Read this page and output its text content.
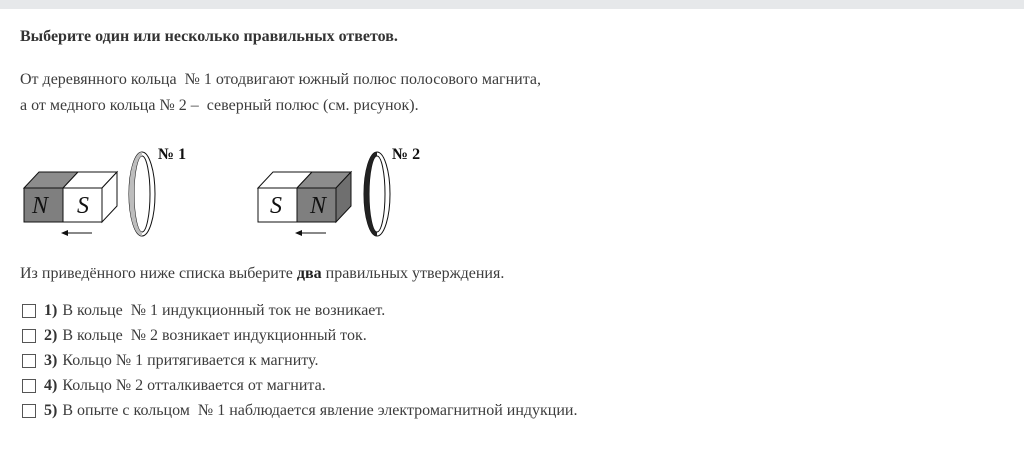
Выберите один или несколько правильных ответов.
От деревянного кольца  № 1 отодвигают южный полюс полосового магнита,
а от медного кольца № 2 –  северный полюс (см. рисунок).
N S
№ 1
S N
№ 2
Из приведённого ниже списка выберите два правильных утверждения.
1) В кольце  № 1 индукционный ток не возникает.
2) В кольце  № 2 возникает индукционный ток.
3) Кольцо № 1 притягивается к магниту.
4) Кольцо № 2 отталкивается от магнита.
5) В опыте с кольцом  № 1 наблюдается явление электромагнитной индукции.
